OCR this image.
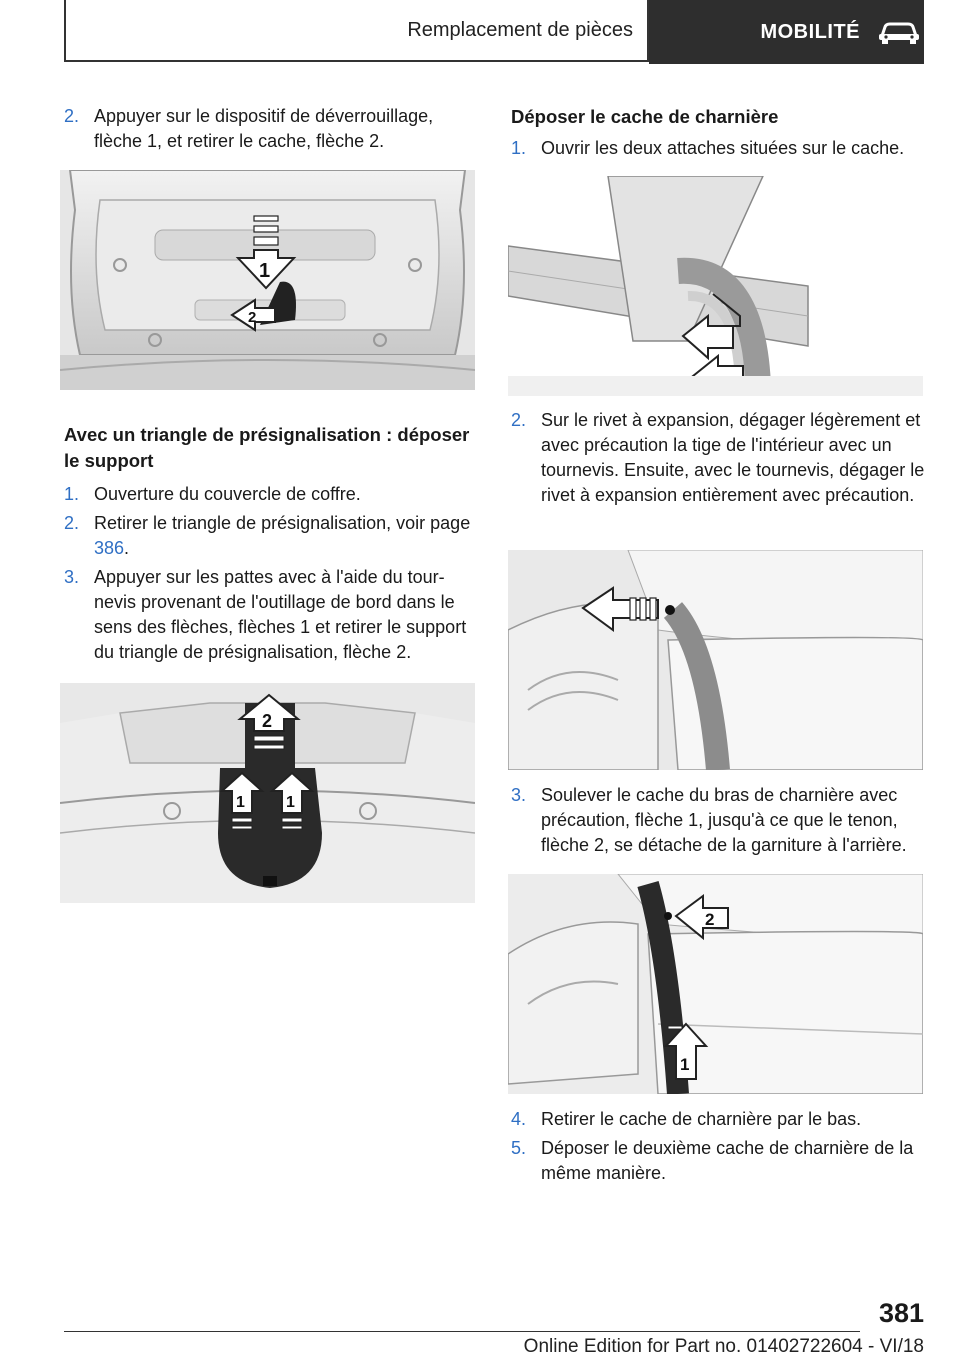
Remplacement de pièces	MOBILITÉ
2. Appuyer sur le dispositif de déverrouillage, flèche 1, et retirer le cache, flèche 2.
1
2
Avec un triangle de présignalisation : déposer le support
1. Ouverture du couvercle de coffre.
2. Retirer le triangle de présignalisation, voir page 386.
3. Appuyer sur les pattes avec à l'aide du tournevis provenant de l'outillage de bord dans le sens des flèches, flèches 1 et retirer le support du triangle de présignalisation, flèche 2.
2
1	1
Déposer le cache de charnière
1. Ouvrir les deux attaches situées sur le cache.
2. Sur le rivet à expansion, dégager légèrement et avec précaution la tige de l'intérieur avec un tournevis. Ensuite, avec le tournevis, dégager le rivet à expansion entièrement avec précaution.
3. Soulever le cache du bras de charnière avec précaution, flèche 1, jusqu'à ce que le tenon, flèche 2, se détache de la garniture à l'arrière.
2
1
4. Retirer le cache de charnière par le bas.
5. Déposer le deuxième cache de charnière de la même manière.
381
Online Edition for Part no. 01402722604 - VI/18
